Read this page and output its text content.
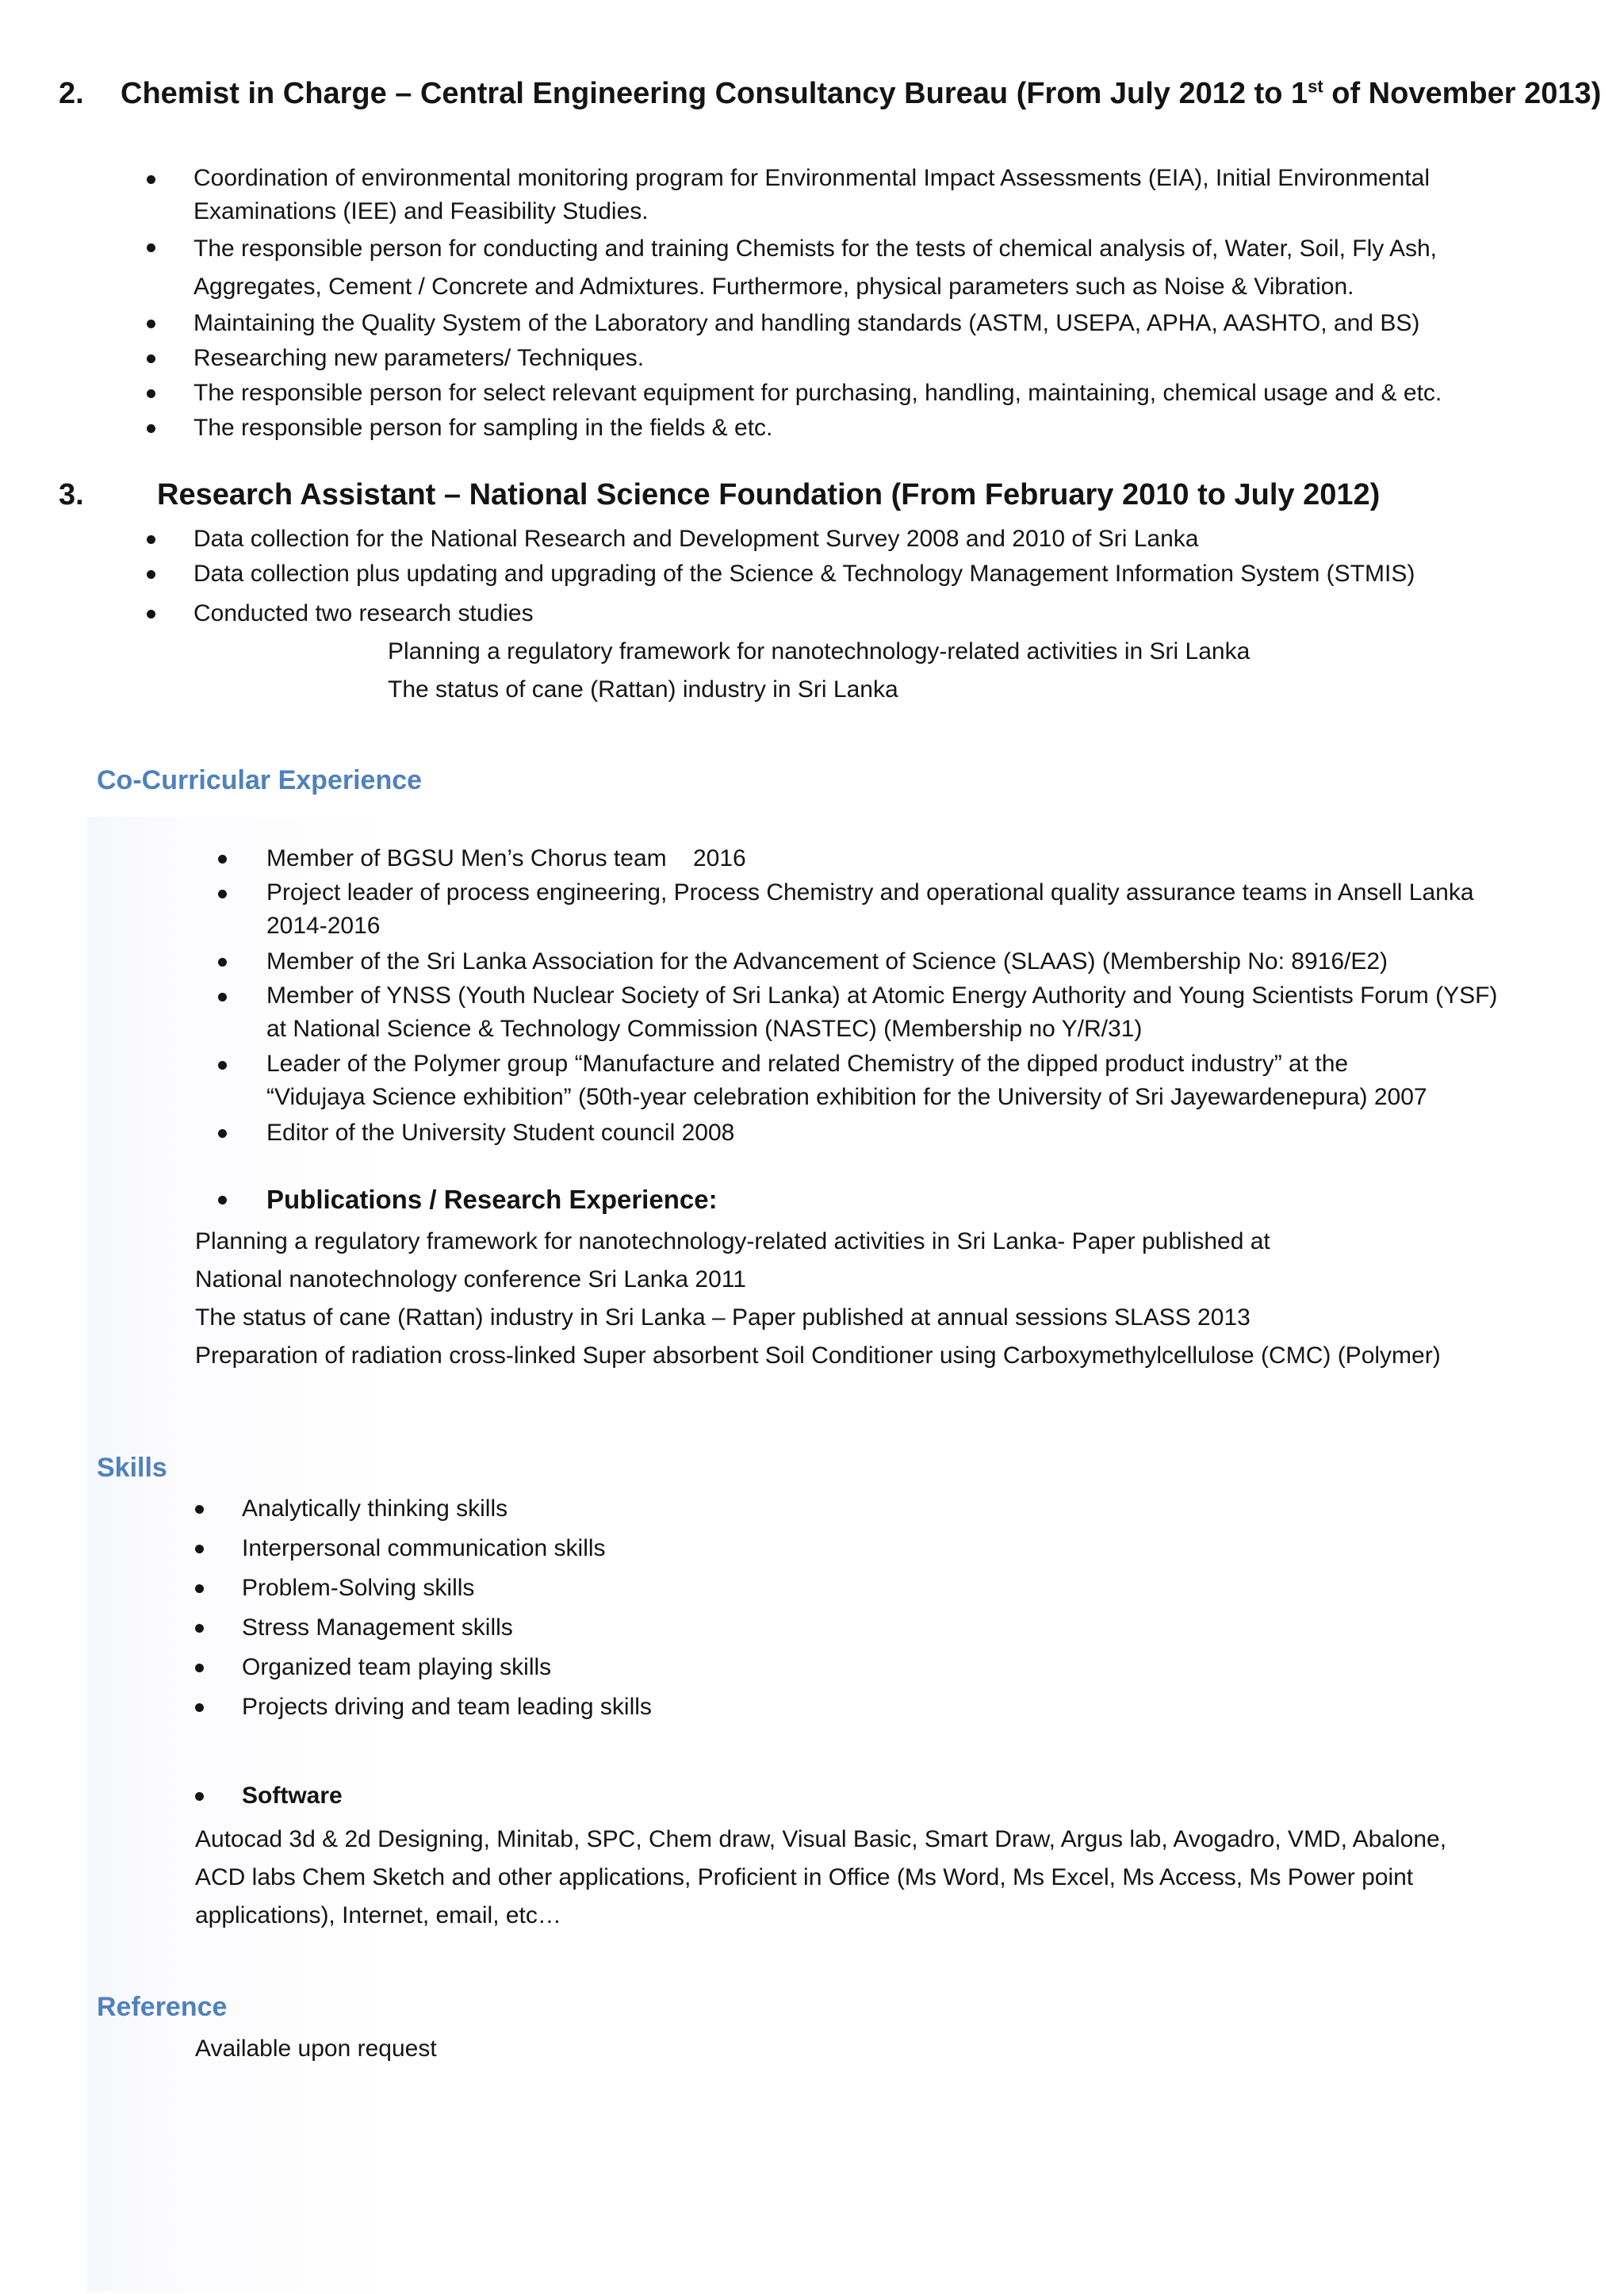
2. Chemist in Charge – Central Engineering Consultancy Bureau (From July 2012 to 1st of November 2013)
Coordination of environmental monitoring program for Environmental Impact Assessments (EIA), Initial Environmental
Examinations (IEE) and Feasibility Studies.
The responsible person for conducting and training Chemists for the tests of chemical analysis of, Water, Soil, Fly Ash,
Aggregates, Cement / Concrete and Admixtures. Furthermore, physical parameters such as Noise & Vibration.
Maintaining the Quality System of the Laboratory and handling standards (ASTM, USEPA, APHA, AASHTO, and BS)
Researching new parameters/ Techniques.
The responsible person for select relevant equipment for purchasing, handling, maintaining, chemical usage and & etc.
The responsible person for sampling in the fields & etc.
3. Research Assistant – National Science Foundation (From February 2010 to July 2012)
Data collection for the National Research and Development Survey 2008 and 2010 of Sri Lanka
Data collection plus updating and upgrading of the Science & Technology Management Information System (STMIS)
Conducted two research studies
Planning a regulatory framework for nanotechnology-related activities in Sri Lanka
The status of cane (Rattan) industry in Sri Lanka
Co-Curricular Experience
Member of BGSU Men’s Chorus team    2016
Project leader of process engineering, Process Chemistry and operational quality assurance teams in Ansell Lanka
2014-2016
Member of the Sri Lanka Association for the Advancement of Science (SLAAS) (Membership No: 8916/E2)
Member of YNSS (Youth Nuclear Society of Sri Lanka) at Atomic Energy Authority and Young Scientists Forum (YSF)
at National Science & Technology Commission (NASTEC) (Membership no Y/R/31)
Leader of the Polymer group “Manufacture and related Chemistry of the dipped product industry” at the
“Vidujaya Science exhibition” (50th-year celebration exhibition for the University of Sri Jayewardenepura) 2007
Editor of the University Student council 2008
Publications / Research Experience:
Planning a regulatory framework for nanotechnology-related activities in Sri Lanka- Paper published at
National nanotechnology conference Sri Lanka 2011
The status of cane (Rattan) industry in Sri Lanka – Paper published at annual sessions SLASS 2013
Preparation of radiation cross-linked Super absorbent Soil Conditioner using Carboxymethylcellulose (CMC) (Polymer)
Skills
Analytically thinking skills
Interpersonal communication skills
Problem-Solving skills
Stress Management skills
Organized team playing skills
Projects driving and team leading skills
Software
Autocad 3d & 2d Designing, Minitab, SPC, Chem draw, Visual Basic, Smart Draw, Argus lab, Avogadro, VMD, Abalone,
ACD labs Chem Sketch and other applications, Proficient in Office (Ms Word, Ms Excel, Ms Access, Ms Power point
applications), Internet, email, etc…
Reference
Available upon request
